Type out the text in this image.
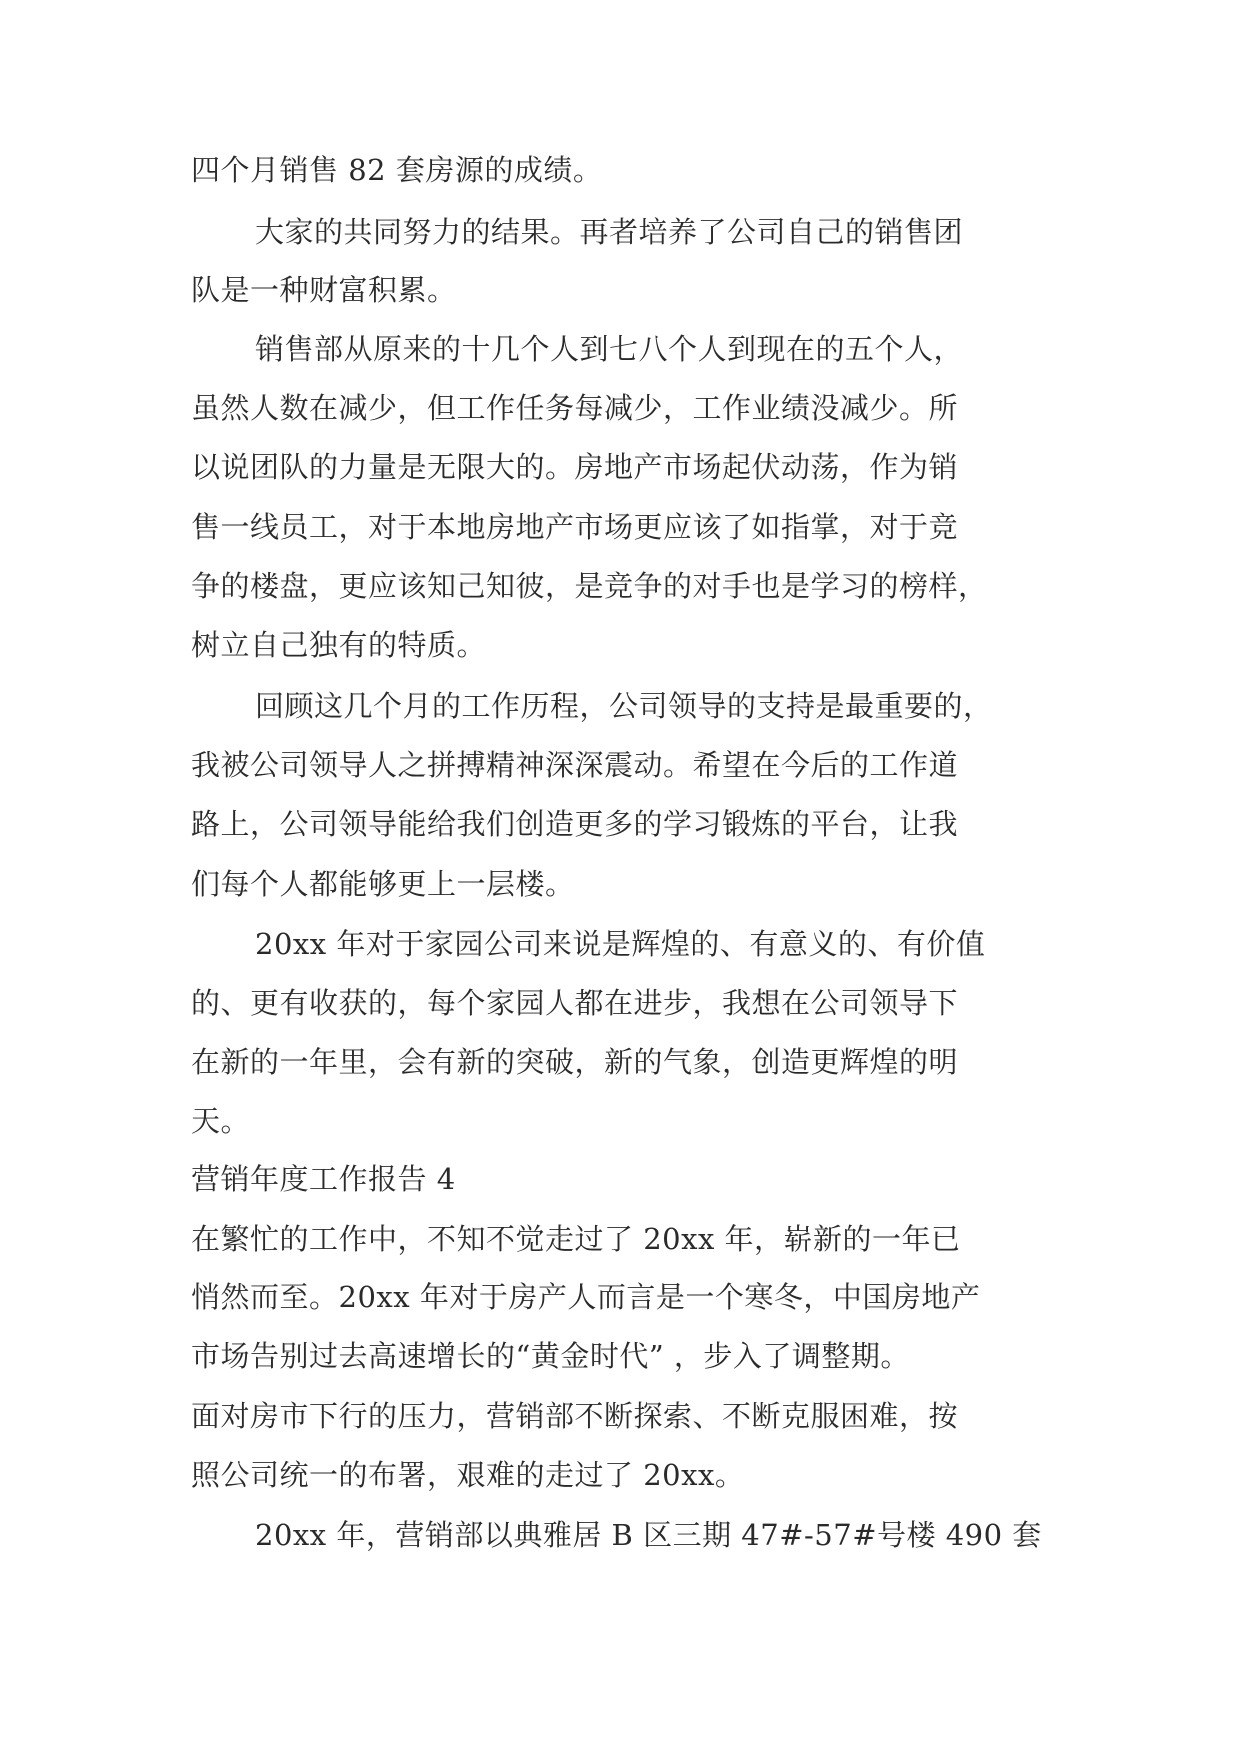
四个月销售 82 套房源的成绩。
大家的共同努力的结果。再者培养了公司自己的销售团
队是一种财富积累。
销售部从原来的十几个人到七八个人到现在的五个人，
虽然人数在减少，但工作任务每减少，工作业绩没减少。所
以说团队的力量是无限大的。房地产市场起伏动荡，作为销
售一线员工，对于本地房地产市场更应该了如指掌，对于竞
争的楼盘，更应该知己知彼，是竞争的对手也是学习的榜样，
树立自己独有的特质。
回顾这几个月的工作历程，公司领导的支持是最重要的，
我被公司领导人之拼搏精神深深震动。希望在今后的工作道
路上，公司领导能给我们创造更多的学习锻炼的平台，让我
们每个人都能够更上一层楼。
20xx 年对于家园公司来说是辉煌的、有意义的、有价值
的、更有收获的，每个家园人都在进步，我想在公司领导下
在新的一年里，会有新的突破，新的气象，创造更辉煌的明
天。
营销年度工作报告 4
在繁忙的工作中，不知不觉走过了 20xx 年，崭新的一年已
悄然而至。20xx 年对于房产人而言是一个寒冬，中国房地产
市场告别过去高速增长的“黄金时代” ，步入了调整期。
面对房市下行的压力，营销部不断探索、不断克服困难，按
照公司统一的布署，艰难的走过了 20xx。
20xx 年，营销部以典雅居 B 区三期 47#-57#号楼 490 套
